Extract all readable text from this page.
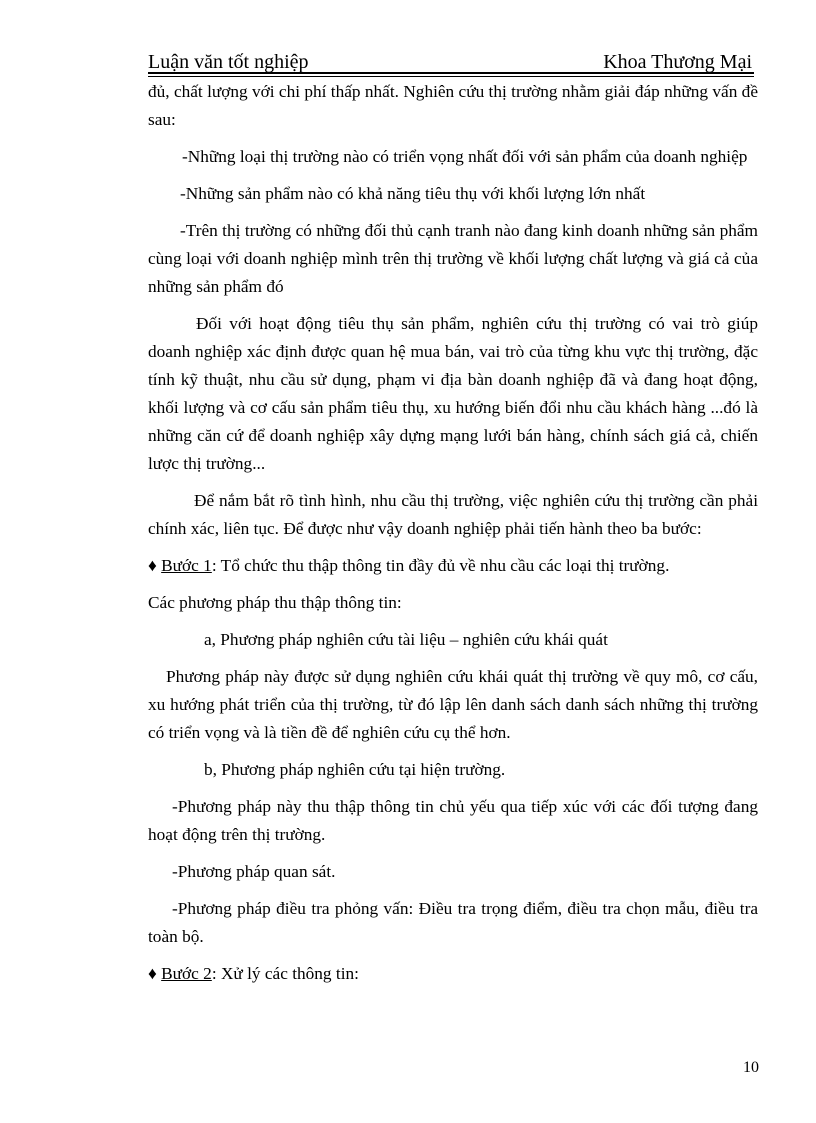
Luận văn tốt nghiệp	Khoa Thương Mại

đủ, chất lượng với chi phí thấp nhất. Nghiên cứu thị trường nhằm giải đáp những vấn đề sau:

-Những loại thị trường nào có triển vọng nhất đối với sản phẩm của doanh nghiệp

-Những sản phẩm nào có khả năng tiêu thụ với khối lượng lớn nhất

-Trên thị trường có những đối thủ cạnh tranh nào đang kinh doanh những sản phẩm cùng loại với doanh nghiệp mình trên thị trường về khối lượng chất lượng và giá cả của những sản phẩm đó

Đối với hoạt động tiêu thụ sản phẩm, nghiên cứu thị trường có vai trò giúp doanh nghiệp xác định được quan hệ mua bán, vai trò của từng khu vực thị trường, đặc tính kỹ thuật, nhu cầu sử dụng, phạm vi địa bàn doanh nghiệp đã và đang hoạt động, khối lượng và cơ cấu sản phẩm tiêu thụ, xu hướng biến đổi nhu cầu khách hàng ...đó là những căn cứ để doanh nghiệp xây dựng mạng lưới bán hàng, chính sách giá cả, chiến lược thị trường...

Để nắm bắt rõ tình hình, nhu cầu thị trường, việc nghiên cứu thị trường cần phải chính xác, liên tục. Để được như vậy doanh nghiệp phải tiến hành theo ba bước:

♦ Bước 1: Tổ chức thu thập thông tin đầy đủ về nhu cầu các loại thị trường.

Các phương pháp thu thập thông tin:

a, Phương pháp nghiên cứu tài liệu – nghiên cứu khái quát

Phương pháp này được sử dụng nghiên cứu khái quát thị trường về quy mô, cơ cấu, xu hướng phát triển của thị trường, từ đó lập lên danh sách danh sách những thị trường có triển vọng và là tiền đề để nghiên cứu cụ thể hơn.

b, Phương pháp nghiên cứu tại hiện trường.

-Phương pháp này thu thập thông tin chủ yếu qua tiếp xúc với các đối tượng đang hoạt động trên thị trường.

-Phương pháp quan sát.

-Phương pháp điều tra phỏng vấn: Điều tra trọng điểm, điều tra chọn mẫu, điều tra toàn bộ.

♦ Bước 2: Xử lý các thông tin:

10
